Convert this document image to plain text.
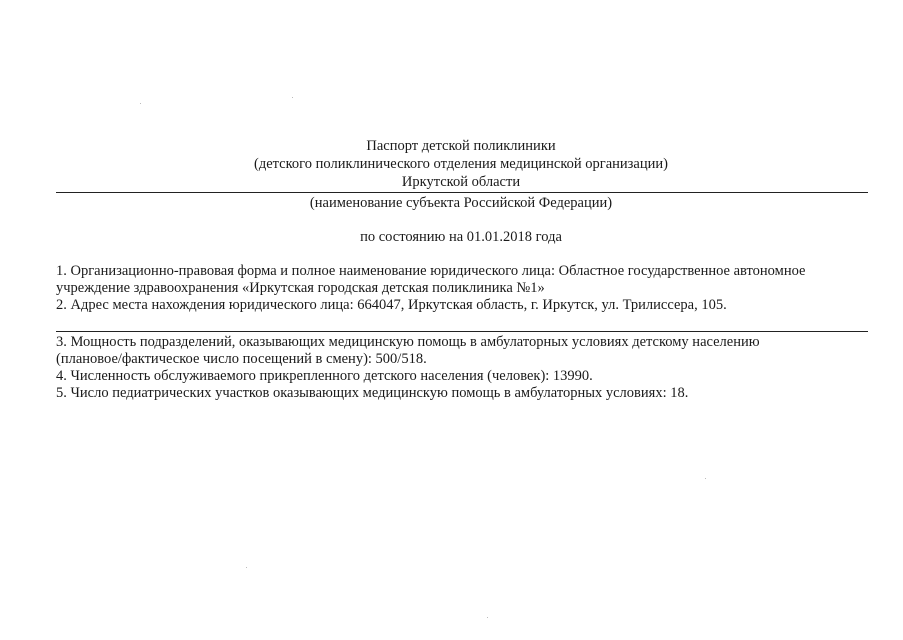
Паспорт детской поликлиники
(детского поликлинического отделения медицинской организации)
Иркутской области
(наименование субъекта Российской Федерации)
по состоянию на 01.01.2018 года
1. Организационно-правовая форма и полное наименование юридического лица: Областное государственное автономное
учреждение здравоохранения «Иркутская городская детская поликлиника №1»
2. Адрес места нахождения юридического лица: 664047, Иркутская область, г. Иркутск, ул. Трилиссера, 105.
3. Мощность подразделений, оказывающих медицинскую помощь в амбулаторных условиях детскому населению
(плановое/фактическое число посещений в смену): 500/518.
4. Численность обслуживаемого прикрепленного детского населения (человек): 13990.
5. Число педиатрических участков оказывающих медицинскую помощь в амбулаторных условиях: 18.
